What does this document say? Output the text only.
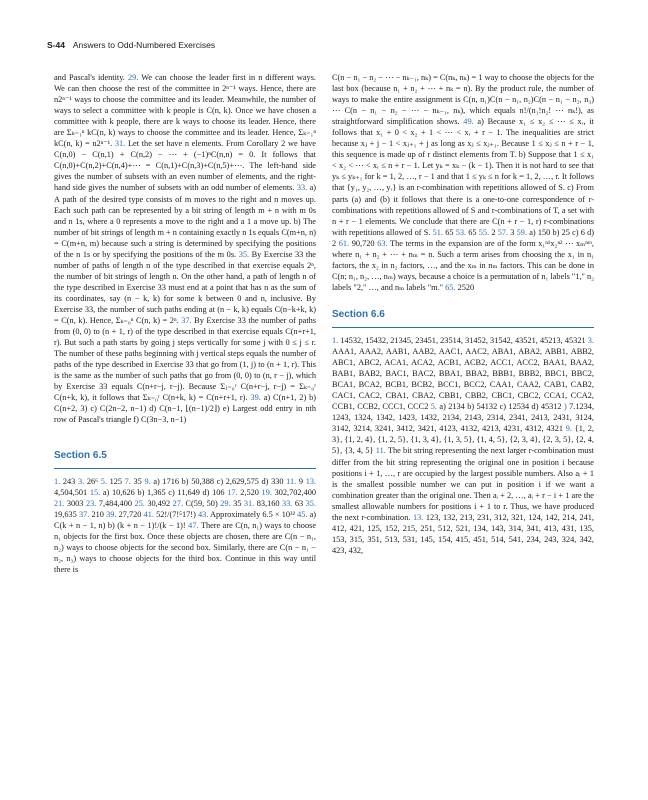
S-44 Answers to Odd-Numbered Exercises

and Pascal's identity. 29. We can choose the leader first in n different ways. We can then choose the rest of the committee in 2ⁿ⁻¹ ways. Hence, there are n2ⁿ⁻¹ ways to choose the committee and its leader. Meanwhile, the number of ways to select a committee with k people is C(n, k). Once we have chosen a committee with k people, there are k ways to choose its leader. Hence, there are Σₖ₌₁ⁿ kC(n, k) ways to choose the committee and its leader. Hence, Σₖ₌₁ⁿ kC(n, k) = n2ⁿ⁻¹. 31. Let the set have n elements. From Corollary 2 we have C(n,0) − C(n,1) + C(n,2) − ⋯ + (−1)ⁿC(n,n) = 0. It follows that C(n,0)+C(n,2)+C(n,4)+⋯ = C(n,1)+C(n,3)+C(n,5)+⋯. The left-hand side gives the number of subsets with an even number of elements, and the right-hand side gives the number of subsets with an odd number of elements. 33. a) A path of the desired type consists of m moves to the right and n moves up. Each such path can be represented by a bit string of length m + n with m 0s and n 1s, where a 0 represents a move to the right and a 1 a move up. b) The number of bit strings of length m + n containing exactly n 1s equals C(m+n, n) = C(m+n, m) because such a string is determined by specifying the positions of the n 1s or by specifying the positions of the m 0s. 35. By Exercise 33 the number of paths of length n of the type described in that exercise equals 2ⁿ, the number of bit strings of length n. On the other hand, a path of length n of the type described in Exercise 33 must end at a point that has n as the sum of its coordinates, say (n − k, k) for some k between 0 and n, inclusive. By Exercise 33, the number of such paths ending at (n − k, k) equals C(n−k+k, k) = C(n, k). Hence, Σₖ₌₀ⁿ C(n, k) = 2ⁿ. 37. By Exercise 33 the number of paths from (0, 0) to (n + 1, r) of the type described in that exercise equals C(n+r+1, r). But such a path starts by going j steps vertically for some j with 0 ≤ j ≤ r. The number of these paths beginning with j vertical steps equals the number of paths of the type described in Exercise 33 that go from (1, j) to (n + 1, r). This is the same as the number of such paths that go from (0, 0) to (n, r − j), which by Exercise 33 equals C(n+r−j, r−j). Because Σⱼ₌₀ʳ C(n+r−j, r−j) = Σₖ₌₀ʳ C(n+k, k), it follows that Σₖ₌₀ʳ C(n+k, k) = C(n+r+1, r). 39. a) C(n+1, 2) b) C(n+2, 3) c) C(2n−2, n−1) d) C(n−1, ⌊(n−1)/2⌋) e) Largest odd entry in nth row of Pascal's triangle f) C(3n−3, n−1)

Section 6.5

1. 243 3. 26⁶ 5. 125 7. 35 9. a) 1716 b) 50,388 c) 2,629,575 d) 330 11. 9 13. 4,504,501 15. a) 10,626 b) 1,365 c) 11,649 d) 106 17. 2,520 19. 302,702,400 21. 3003 23. 7,484,400 25. 30,492 27. C(59, 50) 29. 35 31. 83,160 33. 63 35. 19,635 37. 210 39. 27,720 41. 52!/(7!⁵17!) 43. Approximately 6.5 × 10³² 45. a) C(k + n − 1, n) b) (k + n − 1)!/(k − 1)! 47. There are C(n, n₁) ways to choose n₁ objects for the first box. Once these objects are chosen, there are C(n − n₁, n₂) ways to choose objects for the second box. Similarly, there are C(n − n₁ − n₂, n₃) ways to choose objects for the third box. Continue in this way until there is

C(n − n₁ − n₂ − ⋯ − nₖ₋₁, nₖ) = C(nₖ, nₖ) = 1 way to choose the objects for the last box (because n₁ + n₂ + ⋯ + nₖ = n). By the product rule, the number of ways to make the entire assignment is C(n, n₁)C(n − n₁, n₂)C(n − n₁ − n₂, n₃) ⋯ C(n − n₁ − n₂ − ⋯ − nₖ₋₁, nₖ), which equals n!/(n₁!n₂! ⋯ nₖ!), as straightforward simplification shows. 49. a) Because x₁ ≤ x₂ ≤ ⋯ ≤ xᵣ, it follows that x₁ + 0 < x₂ + 1 < ⋯ < xᵣ + r − 1. The inequalities are strict because xⱼ + j − 1 < xⱼ₊₁ + j as long as xⱼ ≤ xⱼ₊₁. Because 1 ≤ xⱼ ≤ n + r − 1, this sequence is made up of r distinct elements from T. b) Suppose that 1 ≤ x₁ < x₂ < ⋯ < xᵣ ≤ n + r − 1. Let yₖ = xₖ − (k − 1). Then it is not hard to see that yₖ ≤ yₖ₊₁ for k = 1, 2, …, r − 1 and that 1 ≤ yₖ ≤ n for k = 1, 2, …, r. It follows that {y₁, y₂, …, yᵣ} is an r-combination with repetitions allowed of S. c) From parts (a) and (b) it follows that there is a one-to-one correspondence of r-combinations with repetitions allowed of S and r-combinations of T, a set with n + r − 1 elements. We conclude that there are C(n + r − 1, r) r-combinations with repetitions allowed of S. 51. 65 53. 65 55. 2 57. 3 59. a) 150 b) 25 c) 6 d) 2 61. 90,720 63. The terms in the expansion are of the form x₁ⁿ¹x₂ⁿ² ⋯ xₘⁿᵐ, where n₁ + n₂ + ⋯ + nₘ = n. Such a term arises from choosing the x₁ in n₁ factors, the x₂ in n₂ factors, …, and the xₘ in nₘ factors. This can be done in C(n; n₁, n₂, …, nₘ) ways, because a choice is a permutation of n₁ labels "1," n₂ labels "2," …, and nₘ labels "m." 65. 2520

Section 6.6

1. 14532, 15432, 21345, 23451, 23514, 31452, 31542, 43521, 45213, 45321 3. AAA1, AAA2, AAB1, AAB2, AAC1, AAC2, ABA1, ABA2, ABB1, ABB2, ABC1, ABC2, ACA1, ACA2, ACB1, ACB2, ACC1, ACC2, BAA1, BAA2, BAB1, BAB2, BAC1, BAC2, BBA1, BBA2, BBB1, BBB2, BBC1, BBC2, BCA1, BCA2, BCB1, BCB2, BCC1, BCC2, CAA1, CAA2, CAB1, CAB2, CAC1, CAC2, CBA1, CBA2, CBB1, CBB2, CBC1, CBC2, CCA1, CCA2, CCB1, CCB2, CCC1, CCC2 5. a) 2134 b) 54132 c) 12534 d) 45312 ) 7.1234, 1243, 1324, 1342, 1423, 1432, 2134, 2143, 2314, 2341, 2413, 2431, 3124, 3142, 3214, 3241, 3412, 3421, 4123, 4132, 4213, 4231, 4312, 4321 9. {1, 2, 3}, {1, 2, 4}, {1, 2, 5}, {1, 3, 4}, {1, 3, 5}, {1, 4, 5}, {2, 3, 4}, {2, 3, 5}, {2, 4, 5}, {3, 4, 5} 11. The bit string representing the next larger r-combination must differ from the bit string representing the original one in position i because positions i + 1, …, r are occupied by the largest possible numbers. Also aᵢ + 1 is the smallest possible number we can put in position i if we want a combination greater than the original one. Then aᵢ + 2, …, aᵢ + r − i + 1 are the smallest allowable numbers for positions i + 1 to r. Thus, we have produced the next r-combination. 13. 123, 132, 213, 231, 312, 321, 124, 142, 214, 241, 412, 421, 125, 152, 215, 251, 512, 521, 134, 143, 314, 341, 413, 431, 135, 153, 315, 351, 513, 531, 145, 154, 415, 451, 514, 541, 234, 243, 324, 342, 423, 432,
